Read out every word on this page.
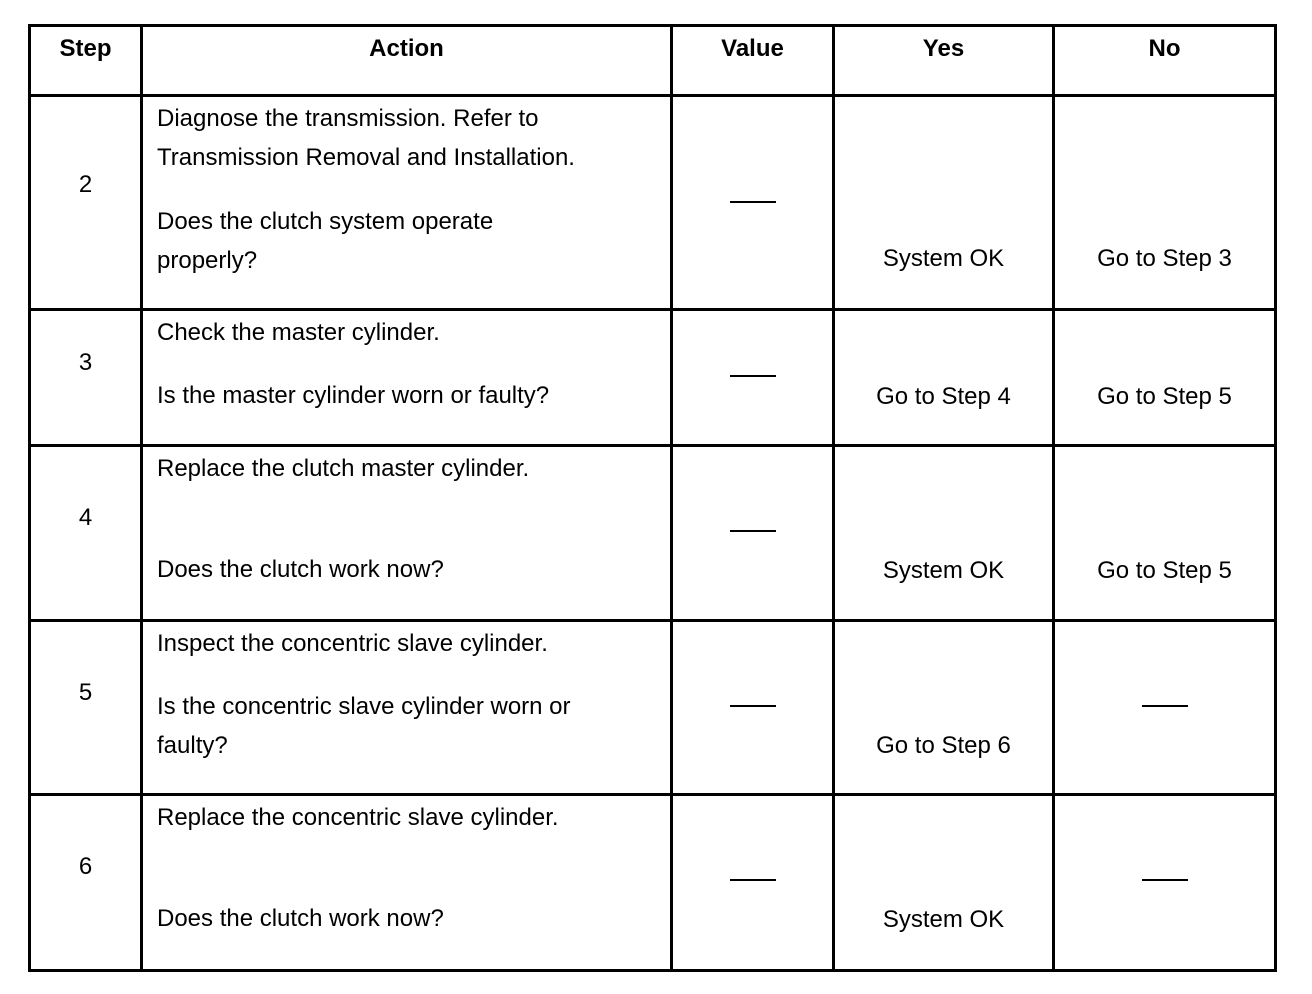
Step	Action	Value	Yes	No

2	Diagnose the transmission. Refer to
Transmission Removal and Installation.
Does the clutch system operate
properly?		System OK	Go to Step 3

3	Check the master cylinder.
Is the master cylinder worn or faulty?		Go to Step 4	Go to Step 5

4	Replace the clutch master cylinder.
Does the clutch work now?		System OK	Go to Step 5

5	Inspect the concentric slave cylinder.
Is the concentric slave cylinder worn or
faulty?		Go to Step 6	

6	Replace the concentric slave cylinder.
Does the clutch work now?		System OK	
